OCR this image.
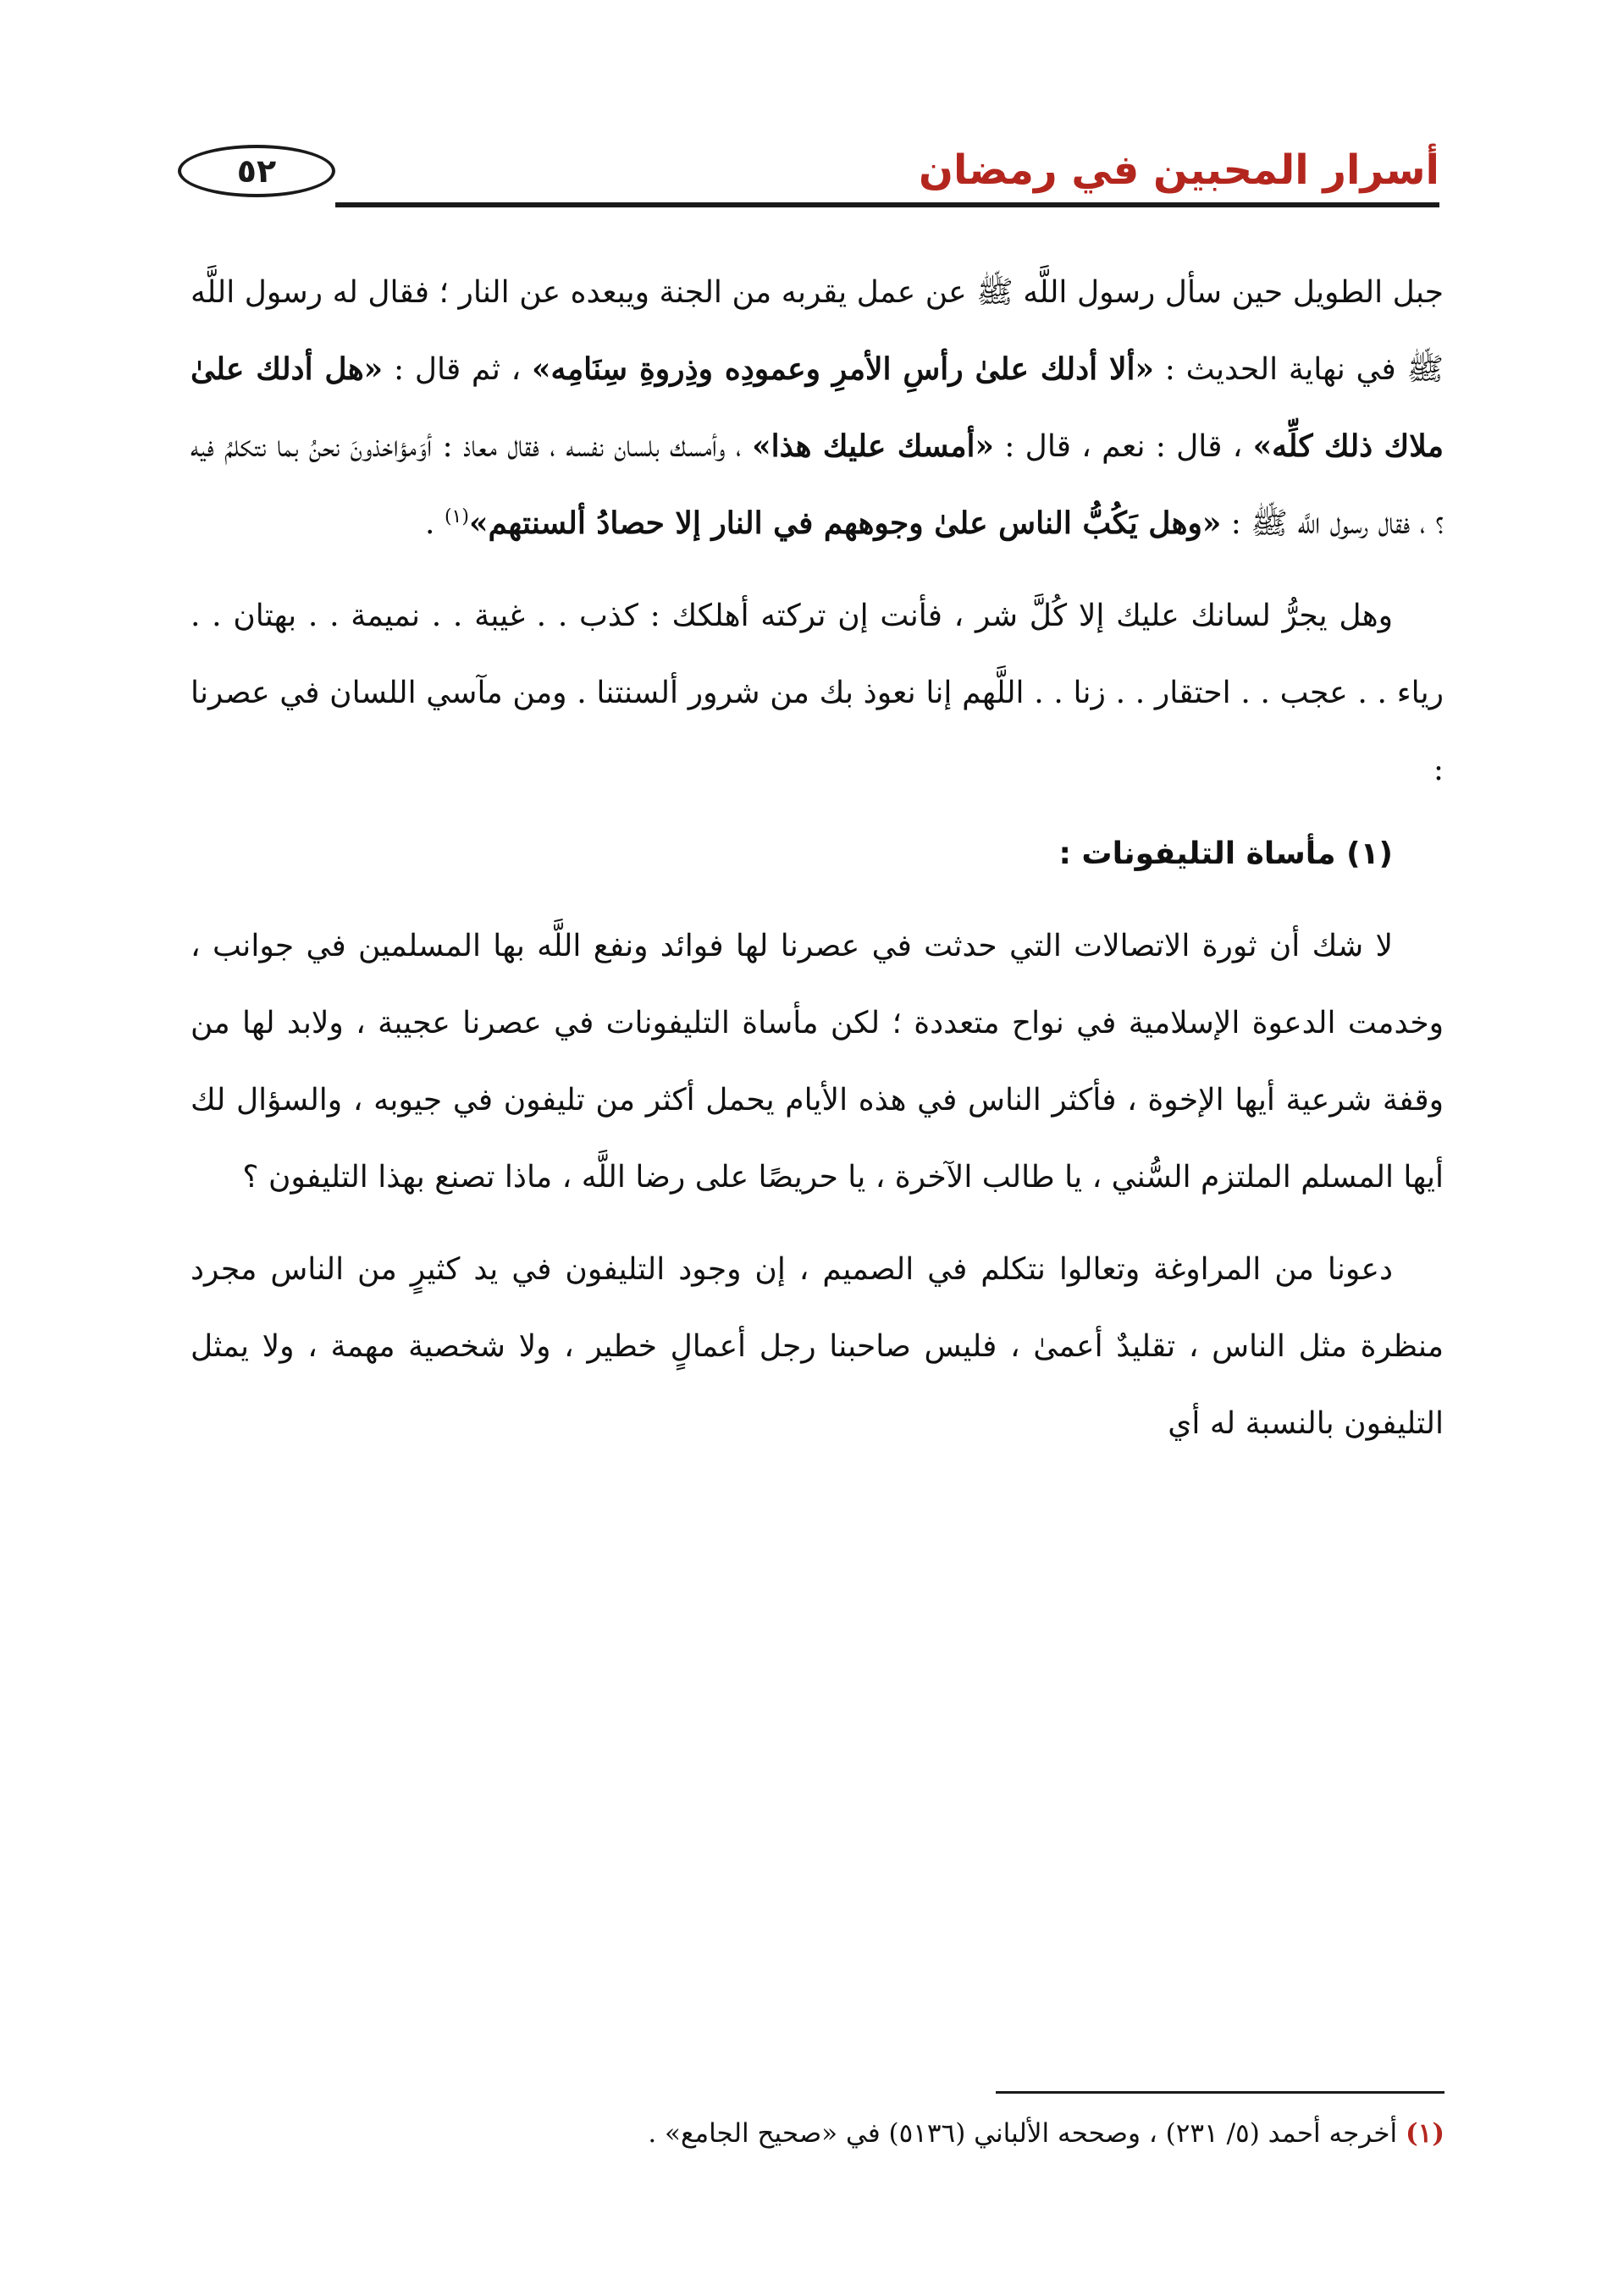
٥٢	أسرار المحبين في رمضان

جبل الطويل حين سأل رسول اللَّه ﷺ عن عمل يقربه من الجنة ويبعده عن النار ؛ فقال له رسول اللَّه ﷺ في نهاية الحديث : «ألا أدلك علىٰ رأسِ الأمرِ وعمودِه وذِروةِ سِنَامِه» ، ثم قال : «هل أدلك علىٰ ملاك ذلك كلِّه» ، قال : نعم ، قال : «أمسك عليك هذا» ، وأمسك بلسان نفسه ، فقال معاذ : أوَمؤاخذونَ نحنُ بما نتكلمُ فيه ؟ ، فقال رسول اللَّه ﷺ : «وهل يَكُبُّ الناس علىٰ وجوههم في النار إلا حصادُ ألسنتهم»$^{(١)}$ .

وهل يجرُّ لسانك عليك إلا كُلَّ شر ، فأنت إن تركته أهلكك : كذب . . غيبة . . نميمة . . بهتان . . رياء . . عجب . . احتقار . . زنا . . اللَّهم إنا نعوذ بك من شرور ألسنتنا . ومن مآسي اللسان في عصرنا :

(١) مأساة التليفونات :

لا شك أن ثورة الاتصالات التي حدثت في عصرنا لها فوائد ونفع اللَّه بها المسلمين في جوانب ، وخدمت الدعوة الإسلامية في نواح متعددة ؛ لكن مأساة التليفونات في عصرنا عجيبة ، ولابد لها من وقفة شرعية أيها الإخوة ، فأكثر الناس في هذه الأيام يحمل أكثر من تليفون في جيوبه ، والسؤال لك أيها المسلم الملتزم السُّني ، يا طالب الآخرة ، يا حريصًا على رضا اللَّه ، ماذا تصنع بهذا التليفون ؟

دعونا من المراوغة وتعالوا نتكلم في الصميم ، إن وجود التليفون في يد كثيرٍ من الناس مجرد منظرة مثل الناس ، تقليدٌ أعمىٰ ، فليس صاحبنا رجل أعمالٍ خطير ، ولا شخصية مهمة ، ولا يمثل التليفون بالنسبة له أي

(١) أخرجه أحمد (٥/ ٢٣١) ، وصححه الألباني (٥١٣٦) في «صحيح الجامع» .
